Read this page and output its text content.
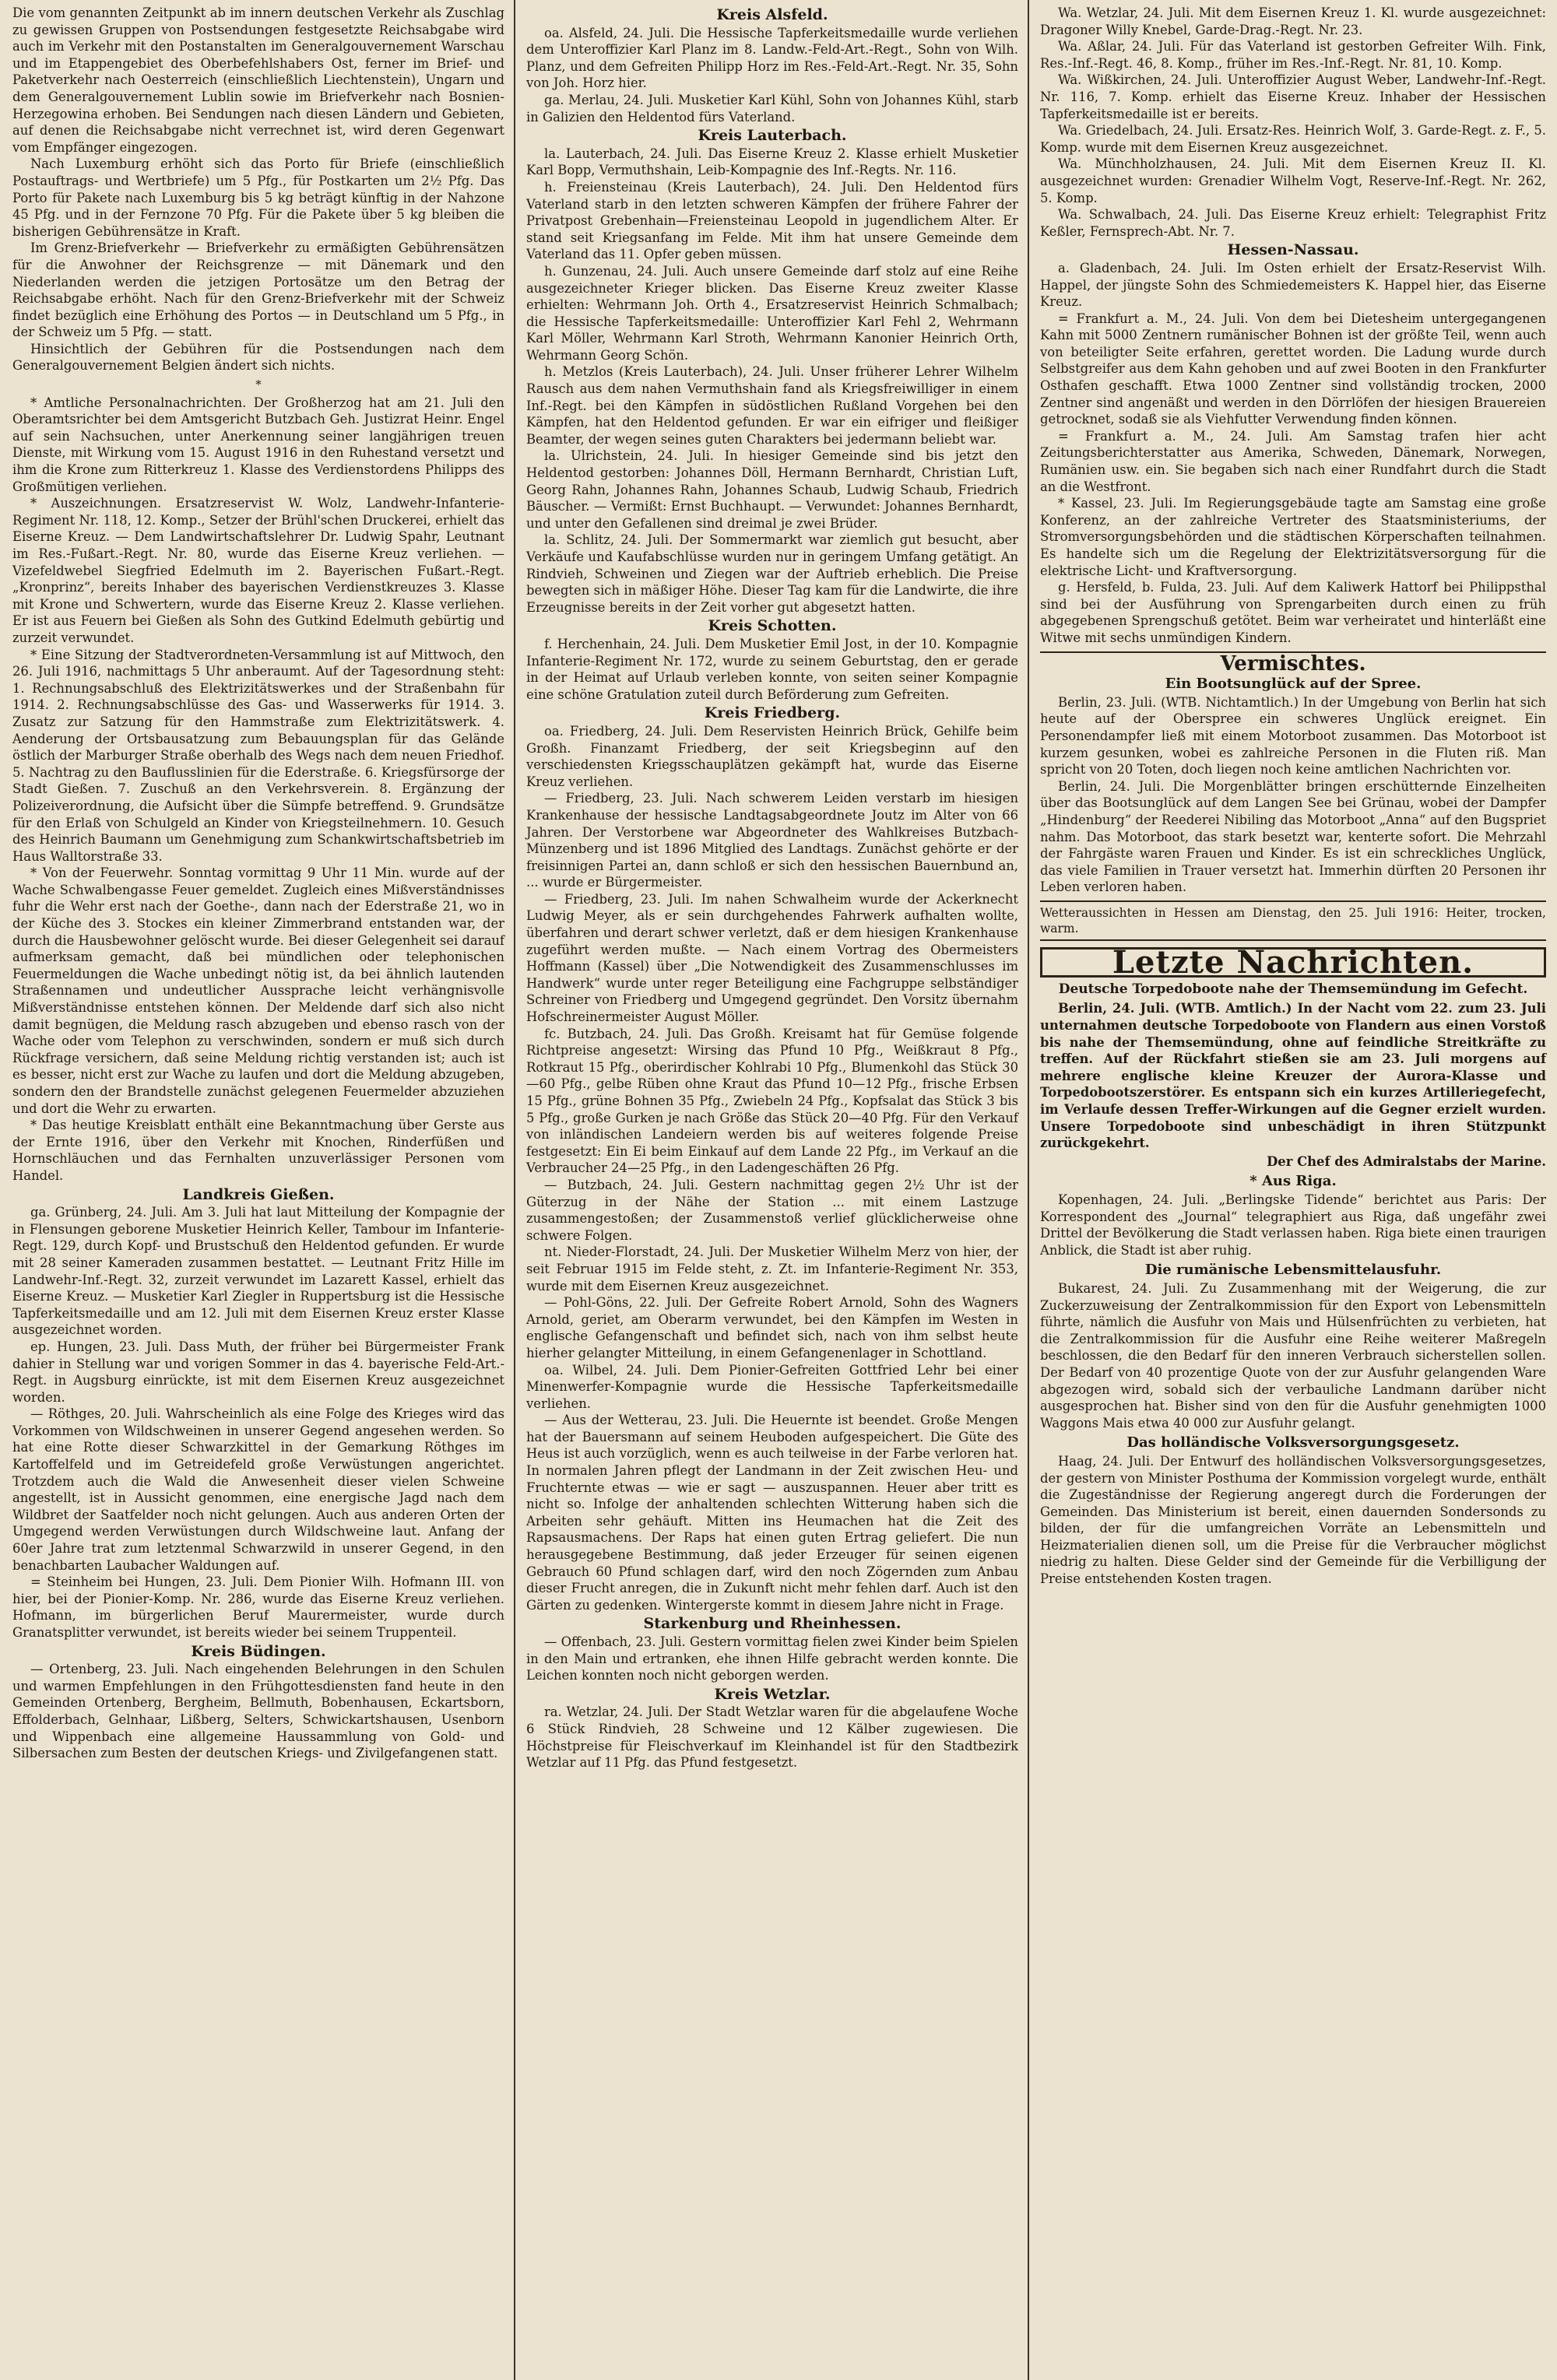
Die vom genannten Zeitpunkt ab im innern deutschen Verkehr als Zuschlag zu gewissen Gruppen von Postsendungen festgesetzte Reichsabgabe wird auch im Verkehr mit den Postanstalten im Generalgouvernement Warschau und im Etappengebiet des Oberbefehlshabers Ost, ferner im Brief- und Paketverkehr nach Oesterreich (einschließlich Liechtenstein), Ungarn und dem Generalgouvernement Lublin sowie im Briefverkehr nach Bosnien-Herzegowina erhoben. Bei Sendungen nach diesen Ländern und Gebieten, auf denen die Reichsabgabe nicht verrechnet ist, wird deren Gegenwart vom Empfänger eingezogen.

Nach Luxemburg erhöht sich das Porto für Briefe (einschließlich Postauftrags- und Wertbriefe) um 5 Pfg., für Postkarten um 2½ Pfg. Das Porto für Pakete nach Luxemburg bis 5 kg beträgt künftig in der Nahzone 45 Pfg. und in der Fernzone 70 Pfg. Für die Pakete über 5 kg bleiben die bisherigen Gebührensätze in Kraft.

Im Grenz-Briefverkehr — Briefverkehr zu ermäßigten Gebührensätzen für die Anwohner der Reichsgrenze — mit Dänemark und den Niederlanden werden die jetzigen Portosätze um den Betrag der Reichsabgabe erhöht. Nach für den Grenz-Briefverkehr mit der Schweiz findet bezüglich eine Erhöhung des Portos — in Deutschland um 5 Pfg., in der Schweiz um 5 Pfg. — statt.

Hinsichtlich der Gebühren für die Postsendungen nach dem Generalgouvernement Belgien ändert sich nichts.

*

* Amtliche Personalnachrichten. Der Großherzog hat am 21. Juli den Oberamtsrichter bei dem Amtsgericht Butzbach Geh. Justizrat Heinr. Engel auf sein Nachsuchen, unter Anerkennung seiner langjährigen treuen Dienste, mit Wirkung vom 15. August 1916 in den Ruhestand versetzt und ihm die Krone zum Ritterkreuz 1. Klasse des Verdienstordens Philipps des Großmütigen verliehen.

* Auszeichnungen. Ersatzreservist W. Wolz, Landwehr-Infanterie-Regiment Nr. 118, 12. Komp., Setzer der Brühl'schen Druckerei, erhielt das Eiserne Kreuz. — Dem Landwirtschaftslehrer Dr. Ludwig Spahr, Leutnant im Res.-Fußart.-Regt. Nr. 80, wurde das Eiserne Kreuz verliehen. — Vizefeldwebel Siegfried Edelmuth im 2. Bayerischen Fußart.-Regt. „Kronprinz“, bereits Inhaber des bayerischen Verdienstkreuzes 3. Klasse mit Krone und Schwertern, wurde das Eiserne Kreuz 2. Klasse verliehen. Er ist aus Feuern bei Gießen als Sohn des Gutkind Edelmuth gebürtig und zurzeit verwundet.

* Eine Sitzung der Stadtverordneten-Versammlung ist auf Mittwoch, den 26. Juli 1916, nachmittags 5 Uhr anberaumt. Auf der Tagesordnung steht: 1. Rechnungsabschluß des Elektrizitätswerkes und der Straßenbahn für 1914. 2. Rechnungsabschlüsse des Gas- und Wasserwerks für 1914. 3. Zusatz zur Satzung für den Hammstraße zum Elektrizitätswerk. 4. Aenderung der Ortsbausatzung zum Bebauungsplan für das Gelände östlich der Marburger Straße oberhalb des Wegs nach dem neuen Friedhof. 5. Nachtrag zu den Bauflusslinien für die Ederstraße. 6. Kriegsfürsorge der Stadt Gießen. 7. Zuschuß an den Verkehrsverein. 8. Ergänzung der Polizeiverordnung, die Aufsicht über die Sümpfe betreffend. 9. Grundsätze für den Erlaß von Schulgeld an Kinder von Kriegsteilnehmern. 10. Gesuch des Heinrich Baumann um Genehmigung zum Schankwirtschaftsbetrieb im Haus Walltorstraße 33.

* Von der Feuerwehr. Sonntag vormittag 9 Uhr 11 Min. wurde auf der Wache Schwalbengasse Feuer gemeldet. Zugleich eines Mißverständnisses fuhr die Wehr erst nach der Goethe-, dann nach der Ederstraße 21, wo in der Küche des 3. Stockes ein kleiner Zimmerbrand entstanden war, der durch die Hausbewohner gelöscht wurde. Bei dieser Gelegenheit sei darauf aufmerksam gemacht, daß bei mündlichen oder telephonischen Feuermeldungen die Wache unbedingt nötig ist, da bei ähnlich lautenden Straßennamen und undeutlicher Aussprache leicht verhängnisvolle Mißverständnisse entstehen können. Der Meldende darf sich also nicht damit begnügen, die Meldung rasch abzugeben und ebenso rasch von der Wache oder vom Telephon zu verschwinden, sondern er muß sich durch Rückfrage versichern, daß seine Meldung richtig verstanden ist; auch ist es besser, nicht erst zur Wache zu laufen und dort die Meldung abzugeben, sondern den der Brandstelle zunächst gelegenen Feuermelder abzuziehen und dort die Wehr zu erwarten.

* Das heutige Kreisblatt enthält eine Bekanntmachung über Gerste aus der Ernte 1916, über den Verkehr mit Knochen, Rinderfüßen und Hornschläuchen und das Fernhalten unzuverlässiger Personen vom Handel.

Landkreis Gießen.

ga. Grünberg, 24. Juli. Am 3. Juli hat laut Mitteilung der Kompagnie der in Flensungen geborene Musketier Heinrich Keller, Tambour im Infanterie-Regt. 129, durch Kopf- und Brustschuß den Heldentod gefunden. Er wurde mit 28 seiner Kameraden zusammen bestattet. — Leutnant Fritz Hille im Landwehr-Inf.-Regt. 32, zurzeit verwundet im Lazarett Kassel, erhielt das Eiserne Kreuz. — Musketier Karl Ziegler in Ruppertsburg ist die Hessische Tapferkeitsmedaille und am 12. Juli mit dem Eisernen Kreuz erster Klasse ausgezeichnet worden.

ep. Hungen, 23. Juli. Dass Muth, der früher bei Bürgermeister Frank dahier in Stellung war und vorigen Sommer in das 4. bayerische Feld-Art.-Regt. in Augsburg einrückte, ist mit dem Eisernen Kreuz ausgezeichnet worden.

— Röthges, 20. Juli. Wahrscheinlich als eine Folge des Krieges wird das Vorkommen von Wildschweinen in unserer Gegend angesehen werden. So hat eine Rotte dieser Schwarzkittel in der Gemarkung Röthges im Kartoffelfeld und im Getreidefeld große Verwüstungen angerichtet. Trotzdem auch die Wald die Anwesenheit dieser vielen Schweine angestellt, ist in Aussicht genommen, eine energische Jagd nach dem Wildbret der Saatfelder noch nicht gelungen. Auch aus anderen Orten der Umgegend werden Verwüstungen durch Wildschweine laut. Anfang der 60er Jahre trat zum letztenmal Schwarzwild in unserer Gegend, in den benachbarten Laubacher Waldungen auf.

= Steinheim bei Hungen, 23. Juli. Dem Pionier Wilh. Hofmann III. von hier, bei der Pionier-Komp. Nr. 286, wurde das Eiserne Kreuz verliehen. Hofmann, im bürgerlichen Beruf Maurermeister, wurde durch Granatsplitter verwundet, ist bereits wieder bei seinem Truppenteil.

Kreis Büdingen.

— Ortenberg, 23. Juli. Nach eingehenden Belehrungen in den Schulen und warmen Empfehlungen in den Frühgottesdiensten fand heute in den Gemeinden Ortenberg, Bergheim, Bellmuth, Bobenhausen, Eckartsborn, Effolderbach, Gelnhaar, Lißberg, Selters, Schwickartshausen, Usenborn und Wippenbach eine allgemeine Haussammlung von Gold- und Silbersachen zum Besten der deutschen Kriegs- und Zivilgefangenen statt.

Kreis Alsfeld.

oa. Alsfeld, 24. Juli. Die Hessische Tapferkeitsmedaille wurde verliehen dem Unteroffizier Karl Planz im 8. Landw.-Feld-Art.-Regt., Sohn von Wilh. Planz, und dem Gefreiten Philipp Horz im Res.-Feld-Art.-Regt. Nr. 35, Sohn von Joh. Horz hier.

ga. Merlau, 24. Juli. Musketier Karl Kühl, Sohn von Johannes Kühl, starb in Galizien den Heldentod fürs Vaterland.

Kreis Lauterbach.

la. Lauterbach, 24. Juli. Das Eiserne Kreuz 2. Klasse erhielt Musketier Karl Bopp, Vermuthshain, Leib-Kompagnie des Inf.-Regts. Nr. 116.

h. Freiensteinau (Kreis Lauterbach), 24. Juli. Den Heldentod fürs Vaterland starb in den letzten schweren Kämpfen der frühere Fahrer der Privatpost Grebenhain—Freiensteinau Leopold in jugendlichem Alter. Er stand seit Kriegsanfang im Felde. Mit ihm hat unsere Gemeinde dem Vaterland das 11. Opfer geben müssen.

h. Gunzenau, 24. Juli. Auch unsere Gemeinde darf stolz auf eine Reihe ausgezeichneter Krieger blicken. Das Eiserne Kreuz zweiter Klasse erhielten: Wehrmann Joh. Orth 4., Ersatzreservist Heinrich Schmalbach; die Hessische Tapferkeitsmedaille: Unteroffizier Karl Fehl 2, Wehrmann Karl Möller, Wehrmann Karl Stroth, Wehrmann Kanonier Heinrich Orth, Wehrmann Georg Schön.

h. Metzlos (Kreis Lauterbach), 24. Juli. Unser früherer Lehrer Wilhelm Rausch aus dem nahen Vermuthshain fand als Kriegsfreiwilliger in einem Inf.-Regt. bei den Kämpfen in südöstlichen Rußland Vorgehen bei den Kämpfen, hat den Heldentod gefunden. Er war ein eifriger und fleißiger Beamter, der wegen seines guten Charakters bei jedermann beliebt war.

la. Ulrichstein, 24. Juli. In hiesiger Gemeinde sind bis jetzt den Heldentod gestorben: Johannes Döll, Hermann Bernhardt, Christian Luft, Georg Rahn, Johannes Rahn, Johannes Schaub, Ludwig Schaub, Friedrich Bäuscher. — Vermißt: Ernst Buchhaupt. — Verwundet: Johannes Bernhardt, und unter den Gefallenen sind dreimal je zwei Brüder.

la. Schlitz, 24. Juli. Der Sommermarkt war ziemlich gut besucht, aber Verkäufe und Kaufabschlüsse wurden nur in geringem Umfang getätigt. An Rindvieh, Schweinen und Ziegen war der Auftrieb erheblich. Die Preise bewegten sich in mäßiger Höhe. Dieser Tag kam für die Landwirte, die ihre Erzeugnisse bereits in der Zeit vorher gut abgesetzt hatten.

Kreis Schotten.

f. Herchenhain, 24. Juli. Dem Musketier Emil Jost, in der 10. Kompagnie Infanterie-Regiment Nr. 172, wurde zu seinem Geburtstag, den er gerade in der Heimat auf Urlaub verleben konnte, von seiten seiner Kompagnie eine schöne Gratulation zuteil durch Beförderung zum Gefreiten.

Kreis Friedberg.

oa. Friedberg, 24. Juli. Dem Reservisten Heinrich Brück, Gehilfe beim Großh. Finanzamt Friedberg, der seit Kriegsbeginn auf den verschiedensten Kriegsschauplätzen gekämpft hat, wurde das Eiserne Kreuz verliehen.

— Friedberg, 23. Juli. Nach schwerem Leiden verstarb im hiesigen Krankenhause der hessische Landtagsabgeordnete Joutz im Alter von 66 Jahren. Der Verstorbene war Abgeordneter des Wahlkreises Butzbach-Münzenberg und ist 1896 Mitglied des Landtags. Zunächst gehörte er der freisinnigen Partei an, dann schloß er sich den hessischen Bauernbund an, ... wurde er Bürgermeister.

— Friedberg, 23. Juli. Im nahen Schwalheim wurde der Ackerknecht Ludwig Meyer, als er sein durchgehendes Fahrwerk aufhalten wollte, überfahren und derart schwer verletzt, daß er dem hiesigen Krankenhause zugeführt werden mußte. — Nach einem Vortrag des Obermeisters Hoffmann (Kassel) über „Die Notwendigkeit des Zusammenschlusses im Handwerk“ wurde unter reger Beteiligung eine Fachgruppe selbständiger Schreiner von Friedberg und Umgegend gegründet. Den Vorsitz übernahm Hofschreinermeister August Möller.

fc. Butzbach, 24. Juli. Das Großh. Kreisamt hat für Gemüse folgende Richtpreise angesetzt: Wirsing das Pfund 10 Pfg., Weißkraut 8 Pfg., Rotkraut 15 Pfg., oberirdischer Kohlrabi 10 Pfg., Blumenkohl das Stück 30—60 Pfg., gelbe Rüben ohne Kraut das Pfund 10—12 Pfg., frische Erbsen 15 Pfg., grüne Bohnen 35 Pfg., Zwiebeln 24 Pfg., Kopfsalat das Stück 3 bis 5 Pfg., große Gurken je nach Größe das Stück 20—40 Pfg. Für den Verkauf von inländischen Landeiern werden bis auf weiteres folgende Preise festgesetzt: Ein Ei beim Einkauf auf dem Lande 22 Pfg., im Verkauf an die Verbraucher 24—25 Pfg., in den Ladengeschäften 26 Pfg.

— Butzbach, 24. Juli. Gestern nachmittag gegen 2½ Uhr ist der Güterzug in der Nähe der Station ... mit einem Lastzuge zusammengestoßen; der Zusammenstoß verlief glücklicherweise ohne schwere Folgen.

nt. Nieder-Florstadt, 24. Juli. Der Musketier Wilhelm Merz von hier, der seit Februar 1915 im Felde steht, z. Zt. im Infanterie-Regiment Nr. 353, wurde mit dem Eisernen Kreuz ausgezeichnet.

— Pohl-Göns, 22. Juli. Der Gefreite Robert Arnold, Sohn des Wagners Arnold, geriet, am Oberarm verwundet, bei den Kämpfen im Westen in englische Gefangenschaft und befindet sich, nach von ihm selbst heute hierher gelangter Mitteilung, in einem Gefangenenlager in Schottland.

oa. Wilbel, 24. Juli. Dem Pionier-Gefreiten Gottfried Lehr bei einer Minenwerfer-Kompagnie wurde die Hessische Tapferkeitsmedaille verliehen.

— Aus der Wetterau, 23. Juli. Die Heuernte ist beendet. Große Mengen hat der Bauersmann auf seinem Heuboden aufgespeichert. Die Güte des Heus ist auch vorzüglich, wenn es auch teilweise in der Farbe verloren hat. In normalen Jahren pflegt der Landmann in der Zeit zwischen Heu- und Fruchternte etwas — wie er sagt — auszuspannen. Heuer aber tritt es nicht so. Infolge der anhaltenden schlechten Witterung haben sich die Arbeiten sehr gehäuft. Mitten ins Heumachen hat die Zeit des Rapsausmachens. Der Raps hat einen guten Ertrag geliefert. Die nun herausgegebene Bestimmung, daß jeder Erzeuger für seinen eigenen Gebrauch 60 Pfund schlagen darf, wird den noch Zögernden zum Anbau dieser Frucht anregen, die in Zukunft nicht mehr fehlen darf. Auch ist den Gärten zu gedenken. Wintergerste kommt in diesem Jahre nicht in Frage.

Starkenburg und Rheinhessen.

— Offenbach, 23. Juli. Gestern vormittag fielen zwei Kinder beim Spielen in den Main und ertranken, ehe ihnen Hilfe gebracht werden konnte. Die Leichen konnten noch nicht geborgen werden.

Kreis Wetzlar.

ra. Wetzlar, 24. Juli. Der Stadt Wetzlar waren für die abgelaufene Woche 6 Stück Rindvieh, 28 Schweine und 12 Kälber zugewiesen. Die Höchstpreise für Fleischverkauf im Kleinhandel ist für den Stadtbezirk Wetzlar auf 11 Pfg. das Pfund festgesetzt.

Wa. Wetzlar, 24. Juli. Mit dem Eisernen Kreuz 1. Kl. wurde ausgezeichnet: Dragoner Willy Knebel, Garde-Drag.-Regt. Nr. 23.

Wa. Aßlar, 24. Juli. Für das Vaterland ist gestorben Gefreiter Wilh. Fink, Res.-Inf.-Regt. 46, 8. Komp., früher im Res.-Inf.-Regt. Nr. 81, 10. Komp.

Wa. Wißkirchen, 24. Juli. Unteroffizier August Weber, Landwehr-Inf.-Regt. Nr. 116, 7. Komp. erhielt das Eiserne Kreuz. Inhaber der Hessischen Tapferkeitsmedaille ist er bereits.

Wa. Griedelbach, 24. Juli. Ersatz-Res. Heinrich Wolf, 3. Garde-Regt. z. F., 5. Komp. wurde mit dem Eisernen Kreuz ausgezeichnet.

Wa. Münchholzhausen, 24. Juli. Mit dem Eisernen Kreuz II. Kl. ausgezeichnet wurden: Grenadier Wilhelm Vogt, Reserve-Inf.-Regt. Nr. 262, 5. Komp.

Wa. Schwalbach, 24. Juli. Das Eiserne Kreuz erhielt: Telegraphist Fritz Keßler, Fernsprech-Abt. Nr. 7.

Hessen-Nassau.

a. Gladenbach, 24. Juli. Im Osten erhielt der Ersatz-Reservist Wilh. Happel, der jüngste Sohn des Schmiedemeisters K. Happel hier, das Eiserne Kreuz.

= Frankfurt a. M., 24. Juli. Von dem bei Dietesheim untergegangenen Kahn mit 5000 Zentnern rumänischer Bohnen ist der größte Teil, wenn auch von beteiligter Seite erfahren, gerettet worden. Die Ladung wurde durch Selbstgreifer aus dem Kahn gehoben und auf zwei Booten in den Frankfurter Osthafen geschafft. Etwa 1000 Zentner sind vollständig trocken, 2000 Zentner sind angenäßt und werden in den Dörrlöfen der hiesigen Brauereien getrocknet, sodaß sie als Viehfutter Verwendung finden können.

= Frankfurt a. M., 24. Juli. Am Samstag trafen hier acht Zeitungsberichterstatter aus Amerika, Schweden, Dänemark, Norwegen, Rumänien usw. ein. Sie begaben sich nach einer Rundfahrt durch die Stadt an die Westfront.

* Kassel, 23. Juli. Im Regierungsgebäude tagte am Samstag eine große Konferenz, an der zahlreiche Vertreter des Staatsministeriums, der Stromversorgungsbehörden und die städtischen Körperschaften teilnahmen. Es handelte sich um die Regelung der Elektrizitätsversorgung für die elektrische Licht- und Kraftversorgung.

g. Hersfeld, b. Fulda, 23. Juli. Auf dem Kaliwerk Hattorf bei Philippsthal sind bei der Ausführung von Sprengarbeiten durch einen zu früh abgegebenen Sprengschuß getötet. Beim war verheiratet und hinterläßt eine Witwe mit sechs unmündigen Kindern.

Vermischtes.
Ein Bootsunglück auf der Spree.

Berlin, 23. Juli. (WTB. Nichtamtlich.) In der Umgebung von Berlin hat sich heute auf der Oberspree ein schweres Unglück ereignet. Ein Personendampfer ließ mit einem Motorboot zusammen. Das Motorboot ist kurzem gesunken, wobei es zahlreiche Personen in die Fluten riß. Man spricht von 20 Toten, doch liegen noch keine amtlichen Nachrichten vor.

Berlin, 24. Juli. Die Morgenblätter bringen erschütternde Einzelheiten über das Bootsunglück auf dem Langen See bei Grünau, wobei der Dampfer „Hindenburg“ der Reederei Nibiling das Motorboot „Anna“ auf den Bugspriet nahm. Das Motorboot, das stark besetzt war, kenterte sofort. Die Mehrzahl der Fahrgäste waren Frauen und Kinder. Es ist ein schreckliches Unglück, das viele Familien in Trauer versetzt hat. Immerhin dürften 20 Personen ihr Leben verloren haben.

Wetteraussichten in Hessen am Dienstag, den 25. Juli 1916: Heiter, trocken, warm.
Letzte Nachrichten.
Deutsche Torpedoboote nahe der Themsemündung im Gefecht.

Berlin, 24. Juli. (WTB. Amtlich.) In der Nacht vom 22. zum 23. Juli unternahmen deutsche Torpedoboote von Flandern aus einen Vorstoß bis nahe der Themsemündung, ohne auf feindliche Streitkräfte zu treffen. Auf der Rückfahrt stießen sie am 23. Juli morgens auf mehrere englische kleine Kreuzer der Aurora-Klasse und Torpedobootszerstörer. Es entspann sich ein kurzes Artilleriegefecht, im Verlaufe dessen Treffer-Wirkungen auf die Gegner erzielt wurden. Unsere Torpedoboote sind unbeschädigt in ihren Stützpunkt zurückgekehrt.

Der Chef des Admiralstabs der Marine.
* Aus Riga.

Kopenhagen, 24. Juli. „Berlingske Tidende“ berichtet aus Paris: Der Korrespondent des „Journal“ telegraphiert aus Riga, daß ungefähr zwei Drittel der Bevölkerung die Stadt verlassen haben. Riga biete einen traurigen Anblick, die Stadt ist aber ruhig.

Die rumänische Lebensmittelausfuhr.

Bukarest, 24. Juli. Zu Zusammenhang mit der Weigerung, die zur Zuckerzuweisung der Zentralkommission für den Export von Lebensmitteln führte, nämlich die Ausfuhr von Mais und Hülsenfrüchten zu verbieten, hat die Zentralkommission für die Ausfuhr eine Reihe weiterer Maßregeln beschlossen, die den Bedarf für den inneren Verbrauch sicherstellen sollen. Der Bedarf von 40 prozentige Quote von der zur Ausfuhr gelangenden Ware abgezogen wird, sobald sich der verbauliche Landmann darüber nicht ausgesprochen hat. Bisher sind von den für die Ausfuhr genehmigten 1000 Waggons Mais etwa 40 000 zur Ausfuhr gelangt.

Das holländische Volksversorgungsgesetz.

Haag, 24. Juli. Der Entwurf des holländischen Volksversorgungsgesetzes, der gestern von Minister Posthuma der Kommission vorgelegt wurde, enthält die Zugeständnisse der Regierung angeregt durch die Forderungen der Gemeinden. Das Ministerium ist bereit, einen dauernden Sondersonds zu bilden, der für die umfangreichen Vorräte an Lebensmitteln und Heizmaterialien dienen soll, um die Preise für die Verbraucher möglichst niedrig zu halten. Diese Gelder sind der Gemeinde für die Verbilligung der Preise entstehenden Kosten tragen.
